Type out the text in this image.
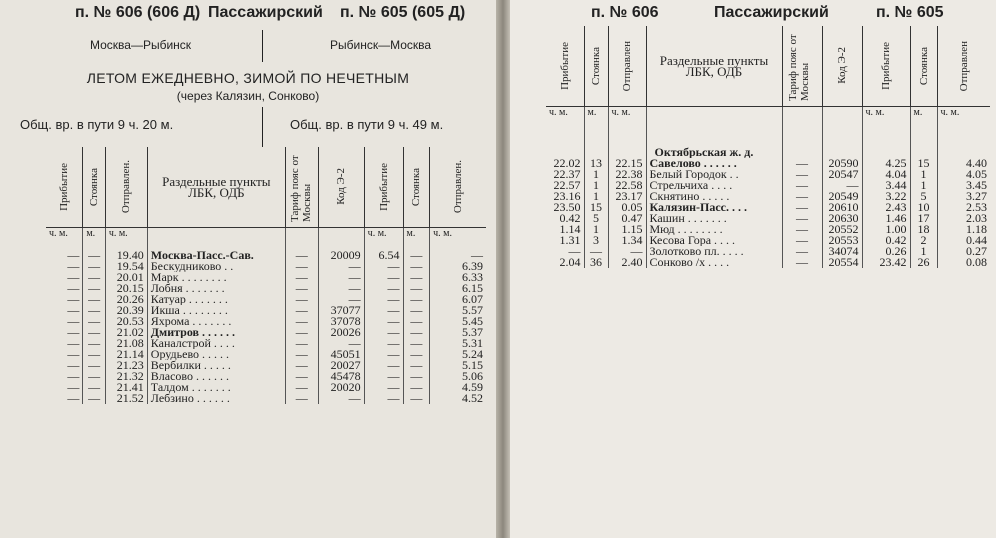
п. № 606 (606 Д) Пассажирский п. № 605 (605 Д)
Москва—Рыбинск	Рыбинск—Москва
ЛЕТОМ ЕЖЕДНЕВНО, ЗИМОЙ ПО НЕЧЕТНЫМ
(через Калязин, Сонково)
Общ. вр. в пути 9 ч. 20 м.	Общ. вр. в пути 9 ч. 49 м.
Прибытие	Стоянка	Отправлен.	Раздельные пункты ЛБК, ОДБ	Тариф пояс от Москвы	Код Э-2	Прибытие	Стоянка	Отправлен.

ч. м.	м.	ч. м.				ч. м.	м.	ч. м.

—	—	19.40	Москва-Пасс.-Сав.	—	20009	6.54	—	—
—	—	19.54	Бескудниково . .	—	—	—	—	6.39
—	—	20.01	Марк . . . . . . . .	—	—	—	—	6.33
—	—	20.15	Лобня . . . . . . .	—	—	—	—	6.15
—	—	20.26	Катуар . . . . . . .	—	—	—	—	6.07
—	—	20.39	Икша . . . . . . . .	—	37077	—	—	5.57
—	—	20.53	Яхрома . . . . . . .	—	37078	—	—	5.45
—	—	21.02	Дмитров . . . . . .	—	20026	—	—	5.37
—	—	21.08	Каналстрой . . . .	—	—	—	—	5.31
—	—	21.14	Орудьево . . . . .	—	45051	—	—	5.24
—	—	21.23	Вербилки . . . . .	—	20027	—	—	5.15
—	—	21.32	Власово . . . . . .	—	45478	—	—	5.06
—	—	21.41	Талдом . . . . . . .	—	20020	—	—	4.59
—	—	21.52	Лебзино . . . . . .	—	—	—	—	4.52
п. № 606	Пассажирский	п. № 605
Прибытие	Стоянка	Отправлен	Раздельные пункты ЛБК, ОДБ	Тариф пояс от Москвы	Код Э-2	Прибытие	Стоянка	Отправлен

ч. м.	м.	ч. м.				ч. м.	м.	ч. м.
			Октябрьская ж. д.					
22.02	13	22.15	Савелово . . . . . .	—	20590	4.25	15	4.40
22.37	1	22.38	Белый Городок . .	—	20547	4.04	1	4.05
22.57	1	22.58	Стрельчиха . . . .	—	—	3.44	1	3.45
23.16	1	23.17	Скнятино . . . . .	—	20549	3.22	5	3.27
23.50	15	0.05	Калязин-Пасс. . . .	—	20610	2.43	10	2.53
0.42	5	0.47	Кашин . . . . . . .	—	20630	1.46	17	2.03
1.14	1	1.15	Мюд . . . . . . . .	—	20552	1.00	18	1.18
1.31	3	1.34	Кесова Гора . . . .	—	20553	0.42	2	0.44
—	—	—	Золотково пл. . . . .	—	34074	0.26	1	0.27
2.04	36	2.40	Сонково /х . . . .	—	20554	23.42	26	0.08
